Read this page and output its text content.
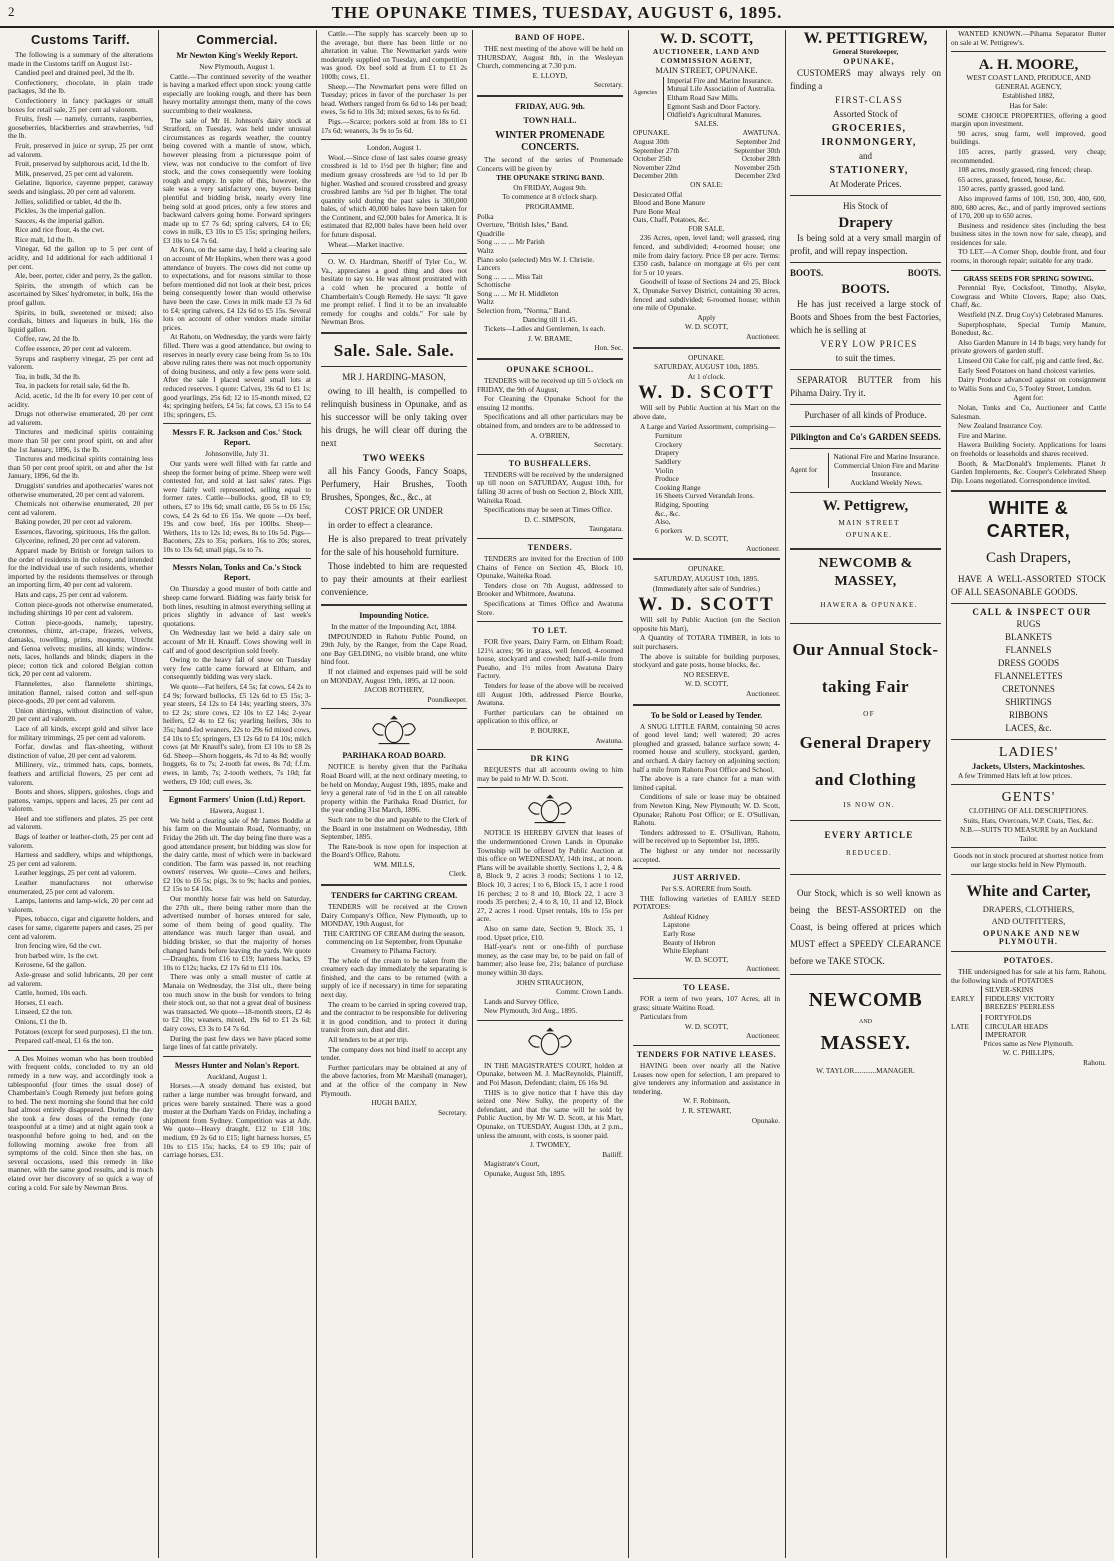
2	THE OPUNAKE TIMES, TUESDAY, AUGUST 6, 1895.
Customs Tariff.

The following is a summary of the alterations made in the Customs tariff on August 1st:-

Candied peel and drained peel, 3d the lb.

Confectionery, chocolate, in plain trade packages, 3d the lb.

Confectionery in fancy packages or small boxes for retail sale, 25 per cent ad valorem.

Fruits, fresh — namely, currants, raspberries, gooseberries, blackberries and strawberries, ½d the lb.

Fruit, preserved in juice or syrup, 25 per cent ad valorem.

Fruit, preserved by sulphurous acid, 1d the lb.

Milk, preserved, 25 per cent ad valorem.

Gelatine, liquorice, cayenne pepper, caraway seeds and isinglass, 20 per cent ad valorem.

Jellies, solidified or tablet, 4d the lb.

Pickles, 3s the imperial gallon.

Sauces, 4s the imperial gallon.

Rice and rice flour, 4s the cwt.

Rice malt, 1d the lb.

Vinegar, 6d the gallon up to 5 per cent of acidity, and 1d additional for each additional 1 per cent.

Ale, beer, porter, cider and perry, 2s the gallon.

Spirits, the strength of which can be ascertained by Sikes' hydrometer, in bulk, 16s the proof gallon.

Spirits, in bulk, sweetened or mixed; also cordials, bitters and liqueurs in bulk, 16s the liquid gallon.

Coffee, raw, 2d the lb.

Coffee essence, 20 per cent ad valorem.

Syrups and raspberry vinegar, 25 per cent ad valorem.

Tea, in bulk, 3d the lb.

Tea, in packets for retail sale, 6d the lb.

Acid, acetic, 1d the lb for every 10 per cent of acidity.

Drugs not otherwise enumerated, 20 per cent ad valorem.

Tinctures and medicinal spirits containing more than 50 per cent proof spirit, on and after the 1st January, 1896, 1s the lb.

Tinctures and medicinal spirits containing less than 50 per cent proof spirit, on and after the 1st January, 1896, 6d the lb.

Druggists' sundries and apothecaries' wares not otherwise enumerated, 20 per cent ad valorem.

Chemicals not otherwise enumerated, 20 per cent ad valorem.

Baking powder, 20 per cent ad valorem.

Essences, flavoring, spirituous, 16s the gallon.

Glycerine, refined, 20 per cent ad valorem.

Apparel made by British or foreign tailors to the order of residents in the colony, and intended for the individual use of such residents, whether imported by the residents themselves or through an importing firm, 40 per cent ad valorem.

Hats and caps, 25 per cent ad valorem.

Cotton piece-goods not otherwise enumerated, including shirtings 10 per cent ad valorem.

Cotton piece-goods, namely, tapestry, cretonnes, chintz, art-crape, friezes, velvets, damasks, towelling, prints, moquette, Utrecht and Genoa velvets; muslins, all kinds; window-nets, laces, hollands and blinds; diapers in the piece; cotton tick and colored Belgian cotton tick, 20 per cent ad valorem.

Flannelettes, also flannelette shirtings, imitation flannel, raised cotton and self-spun piece-goods, 20 per cent ad valorem.

Union shirtings, without distinction of value, 20 per cent ad valorem.

Lace of all kinds, except gold and silver lace for military trimmings, 25 per cent ad valorem.

Forfar, dowlas and flax-sheeting, without distinction of value, 20 per cent ad valorem.

Millinery, viz., trimmed hats, caps, bonnets, feathers and artificial flowers, 25 per cent ad valorem.

Boots and shoes, slippers, goloshes, clogs and pattens, vamps, uppers and laces, 25 per cent ad valorem.

Heel and toe stiffeners and plates, 25 per cent ad valorem.

Bags of leather or leather-cloth, 25 per cent ad valorem.

Harness and saddlery, whips and whipthongs, 25 per cent ad valorem.

Leather leggings, 25 per cent ad valorem.

Leather manufactures not otherwise enumerated, 25 per cent ad valorem.

Lamps, lanterns and lamp-wick, 20 per cent ad valorem.

Pipes, tobacco, cigar and cigarette holders, and cases for same, cigarette papers and cases, 25 per cent ad valorem.

Iron fencing wire, 6d the cwt.

Iron barbed wire, 1s the cwt.

Kerosene, 6d the gallon.

Axle-grease and solid lubricants, 20 per cent ad valorem.

Cattle, horned, 10s each.

Horses, £1 each.

Linseed, £2 the ton.

Onions, £1 the lb.

Potatoes (except for seed purposes), £1 the ton.

Prepared calf-meal, £1 6s the ton.

A Des Moines woman who has been troubled with frequent colds, concluded to try an old remedy in a new way, and accordingly took a tablespoonful (four times the usual dose) of Chamberlain's Cough Remedy just before going to bed. The next morning she found that her cold had almost entirely disappeared. During the day she took a few doses of the remedy (one teaspoonful at a time) and at night again took a teaspoonful before going to bed, and on the following morning awoke free from all symptoms of the cold. Since then she has, on several occasions, used this remedy in like manner, with the same good results, and is much elated over her discovery of so quick a way of curing a cold. For sale by Newman Bros.

Commercial.
Mr Newton King's Weekly Report.

New Plymouth, August 1.

Cattle.—The continued severity of the weather is having a marked effect upon stock: young cattle especially are looking rough, and there has been heavy mortality amongst them, many of the cows succumbing to their weakness.

The sale of Mr H. Johnson's dairy stock at Stratford, on Tuesday, was held under unusual circumstances as regards weather, the country being covered with a mantle of snow, which, however pleasing from a picturesque point of view, was not conducive to the comfort of live stock, and the cows consequently were looking rough and empty. In spite of this, however, the sale was a very satisfactory one, buyers being plentiful and bidding brisk, nearly every line being sold at good prices, only a few stores and backward calvers going home. Forward springers made up to £7 7s 6d; spring calvers, £4 to £6; cows in milk, £3 10s to £5 15s; springing heifers, £3 10s to £4 7s 6d.

At Koru, on the same day, I held a clearing sale on account of Mr Hopkins, when there was a good attendance of buyers. The cows did not come up to expectations, and for reasons similar to those before mentioned did not look at their best, prices being consequently lower than would otherwise have been the case. Cows in milk made £3 7s 6d to £4; spring calvers, £4 12s 6d to £5 15s. Several lots on account of other vendors made similar prices.

At Rahotu, on Wednesday, the yards were fairly filled. There was a good attendance, but owing to reserves in nearly every case being from 5s to 10s above ruling rates there was not much opportunity of doing business, and only a few pens were sold. After the sale I placed several small lots at reduced reserves. I quote: Calves, 19s 6d to £1 1s; good yearlings, 25s 6d; 12 to 15-month mixed, £2 4s; springing heifers, £4 5s; fat cows, £3 15s to £4 10s; springers, £5.

Messrs F. R. Jackson and Cos.' Stock Report.

Johnsonville, July 31.

Our yards were well filled with fat cattle and sheep the former being of prime. Sheep were well contested for, and sold at last sales' rates. Pigs were fairly well represented, selling equal to former rates. Cattle—bullocks, good, £8 to £9; others, £7 to 19s 6d; small cattle, £6 5s to £6 15s; cows, £4 2s 6d to £6 15s. We quote —Ox beef, 19s and cow beef, 16s per 100lbs. Sheep—Wethers, 11s to 12s 1d; ewes, 8s to 10s 5d. Pigs—Baconers, 22s to 35s; porkers, 16s to 20s; stores, 10s to 13s 6d; small pigs, 5s to 7s.

Messrs Nolan, Tonks and Co.'s Stock Report.

On Thursday a good muster of both cattle and sheep came forward. Bidding was fairly brisk for both lines, resulting in almost everything selling at prices slightly in advance of last week's quotations.

On Wednesday last we held a dairy sale on account of Mr H. Knauff. Cows showing well in calf and of good description sold freely.

Owing to the heavy fall of snow on Tuesday very few cattle came forward at Eltham, and consequently bidding was very slack.

We quote—Fat heifers, £4 5s; fat cows, £4 2s to £4 9s; forward bullocks, £5 12s 6d to £5 15s; 3-year steers, £4 12s to £4 14s; yearling steers, 37s to £2 2s; store cows, £2 10s to £2 14s; 2-year heifers, £2 4s to £2 6s; yearling heifers, 30s to 35s; hand-fed weaners, 22s to 29s 6d mixed cows, £4 10s to £5; springers, £3 12s 6d to £4 10s; milch cows (at Mr Knauff's sale), from £3 10s to £8 2s 6d. Sheep—Shorn hoggets, 4s 7d to 4s 8d; woolly hoggets, 6s to 7s; 2-tooth fat ewes, 8s 7d; f.f.m. ewes, in lamb, 7s; 2-tooth wethers, 7s 10d; fat wethers, £9 10d; cull ewes, 3s.

Egmont Farmers' Union (Ltd.) Report.

Hawera, August 1.

We held a clearing sale of Mr James Boddie at his farm on the Mountain Road, Normanby, on Friday the 26th ult. The day being fine there was a good attendance present, but bidding was slow for the dairy cattle, most of which were in backward condition. The farm was passed in, not reaching owners' reserves. We quote—Cows and heifers, £2 10s to £6 5s; pigs, 3s to 9s; hacks and ponies, £2 15s to £4 10s.

Our monthly horse fair was held on Saturday, the 27th ult., there being rather more than the advertised number of horses entered for sale, some of them being of good quality. The attendance was much larger than usual, and bidding brisker, so that the majority of horses changed hands before leaving the yards. We quote—Draughts, from £16 to £19; harness hacks, £9 10s to £12s; hacks, £2 17s 6d to £11 10s.

There was only a small muster of cattle at Manaia on Wednesday, the 31st ult., there being too much snow in the bush for vendors to bring their stock out, so that not a great deal of business was transacted. We quote—18-month steers, £2 4s to £2 10s; weaners, mixed, 19s 6d to £1 2s 6d; dairy cows, £3 3s to £4 7s 6d.

During the past few days we have placed some large lines of fat cattle privately.

Messrs Hunter and Nolan's Report.

Auckland, August 1.

Horses.—A steady demand has existed, but rather a large number was brought forward, and prices were barely sustained. There was a good muster at the Durham Yards on Friday, including a shipment from Sydney. Competition was at Ady. We quote—Heavy draught, £12 to £18 10s; medium, £9 2s 6d to £15; light harness horses, £5 10s to £15 15s; hacks, £4 to £9 10s; pair of carriage horses, £31.

Cattle.—The supply has scarcely been up to the average, but there has been little or no alteration in value. The Newmarket yards were moderately supplied on Tuesday, and competition was good. Ox beef sold at from £1 to £1 2s 100lb; cows, £1.

Sheep.—The Newmarket pens were filled on Tuesday; prices in favor of the purchaser 1s per head. Wethers ranged from 6s 6d to 14s per head; ewes, 5s 6d to 10s 3d; mixed sexes, 6s to 6s 6d.

Pigs.—Scarce; porkers sold at from 18s to £1 17s 6d; weaners, 3s 9s to 5s 6d.

London, August 1.

Wool.—Since close of last sales coarse greasy crossbred is 1d to 1½d per lb higher; fine and medium greasy crossbreds are ½d to 1d per lb higher. Washed and scoured crossbred and greasy crossbred lambs are ½d per lb higher. The total quantity sold during the past sales is 300,000 bales, of which 40,000 bales have been taken for the Continent, and 62,000 bales for America. It is estimated that 82,000 bales have been held over for future disposal.

Wheat.—Market inactive.

O. W. O. Hardman, Sheriff of Tyler Co., W. Va., appreciates a good thing and does not hesitate to say so. He was almost prostrated with a cold when he procured a bottle of Chamberlain's Cough Remedy. He says: "It gave me prompt relief. I find it to be an invaluable remedy for coughs and colds." For sale by Newman Bros.

Sale. Sale. Sale.

MR J. HARDING-MASON,

owing to ill health, is compelled to relinquish business in Opunake, and as his successor will be only taking over his drugs, he will clear off during the next

TWO WEEKS

all his Fancy Goods, Fancy Soaps, Perfumery, Hair Brushes, Tooth Brushes, Sponges, &c., &c., at

COST PRICE OR UNDER

in order to effect a clearance.

He is also prepared to treat privately for the sale of his household furniture.

Those indebted to him are requested to pay their amounts at their earliest convenience.

Impounding Notice.

In the matter of the Impounding Act, 1884.

IMPOUNDED in Rahotu Public Pound, on 29th July, by the Ranger, from the Cape Road, one Bay GELDING, no visible brand, one white hind foot.

If not claimed and expenses paid will be sold on MONDAY, August 19th, 1895, at 12 noon.

JACOB ROTHERY,

Poundkeeper.

PARIHAKA ROAD BOARD.

NOTICE is hereby given that the Parihaka Road Board will, at the next ordinary meeting, to be held on Monday, August 19th, 1895, make and levy a general rate of ½d in the £ on all rateable property within the Parihaka Road District, for the year ending 31st March, 1896.

Such rate to be due and payable to the Clerk of the Board in one instalment on Wednesday, 18th September, 1895.

The Rate-book is now open for inspection at the Board's Office, Rahotu.

WM. MILLS,

Clerk.

TENDERS for CARTING CREAM.

TENDERS will be received at the Crown Dairy Company's Office, New Plymouth, up to MONDAY, 19th August, for

THE CARTING OF CREAM during the season, commencing on 1st September, from Opunake Creamery to Pihama Factory.

The whole of the cream to be taken from the creamery each day immediately the separating is finished, and the cans to be returned (with a supply of ice if necessary) in time for separating next day.

The cream to be carried in spring covered trap, and the contractor to be responsible for delivering it in good condition, and to protect it during transit from sun, dust and dirt.

All tenders to be at per trip.

The company does not bind itself to accept any tender.

Further particulars may be obtained at any of the above factories, from Mr Marshall (manager), and at the office of the company in New Plymouth.

HUGH BAILY,

Secretary.

BAND OF HOPE.

THE next meeting of the above will be held on THURSDAY, August 8th, in the Wesleyan Church, commencing at 7.30 p.m.

E. LLOYD,

Secretary.

FRIDAY, AUG. 9th.
TOWN HALL.
WINTER PROMENADE CONCERTS.

The second of the series of Promenade Concerts will be given by

THE OPUNAKE STRING BAND.

On FRIDAY, August 9th.

To commence at 8 o'clock sharp.

PROGRAMME.

Polka
Overture, "British Isles," Band.
Quadrille
Song ... ... ... Mr Parish
Waltz
Piano solo (selected) Mrs W. J. Christie.
Lancers
Song ... ... ... Miss Tait
Schottische
Song ... ... Mr H. Middleton
Waltz
Selection from, "Norma," Band.

Dancing till 11.45.

Tickets—Ladies and Gentlemen, 1s each.

J. W. BRAME,

Hon. Sec.

OPUNAKE SCHOOL.

TENDERS will be received up till 5 o'clock on FRIDAY, the 9th of August,

For Cleaning the Opunake School for the ensuing 12 months.

Specifications and all other particulars may be obtained from, and tenders are to be addressed to

A. O'BRIEN,

Secretary.

TO BUSHFALLERS.

TENDERS will be received by the undersigned up till noon on SATURDAY, August 10th, for falling 30 acres of bush on Section 2, Block XIII, Waiteika Road.

Specifications may be seen at Times Office.

D. C. SIMPSON,

Taungatara.

TENDERS.

TENDERS are invited for the Erection of 100 Chains of Fence on Section 45, Block 10, Opunake, Waiteika Road.

Tenders close on 7th August, addressed to Brooker and Whitmore, Awatuna.

Specifications at Times Office and Awatuna Store.

TO LET.

FOR five years, Dairy Farm, on Eltham Road; 121½ acres; 96 in grass, well fenced, 4-roomed house, stockyard and cowshed; half-a-mile from Pueaho, and 1½ miles from Awatuna Dairy Factory.

Tenders for lease of the above will be received till August 10th, addressed Pierce Bourke, Awatuna.

Further particulars can be obtained on application to this office, or

P. BOURKE,

Awatuna.

DR KING

REQUESTS that all accounts owing to him may be paid to Mr W. D. Scott.

NOTICE IS HEREBY GIVEN that leases of the undermentioned Crown Lands in Opunake Township will be offered by Public Auction at this office on WEDNESDAY, 14th inst., at noon. Plans will be available shortly. Sections 1, 2, 4 & 8, Block 9, 2 acres 3 roods; Sections 1 to 12, Block 10, 3 acres; 1 to 6, Block 15, 1 acre 1 rood 16 perches; 2 to 8 and 10, Block 22, 1 acre 3 roods 35 perches; 2, 4 to 8, 10, 11 and 12, Block 27, 2 acres 1 rood. Upset rentals, 10s to 15s per acre.

Also on same date, Section 9, Block 35, 1 rood. Upset price, £10.

Half-year's rent or one-fifth of purchase money, as the case may be, to be paid on fall of hammer; also lease fee, 21s; balance of purchase money within 30 days.

JOHN STRAUCHON,

Commr. Crown Lands.

Lands and Survey Office,

New Plymouth, 3rd Aug., 1895.

IN THE MAGISTRATE'S COURT, holden at Opunake, between M. J. MacReynolds, Plaintiff, and Poi Mason, Defendant; claim, £6 16s 9d.

THIS is to give notice that I have this day seized one New Sulky, the property of the defendant, and that the same will be sold by Public Auction, by Mr W. D. Scott, at his Mart, Opunake, on TUESDAY, August 13th, at 2 p.m., unless the amount, with costs, is sooner paid.

J. TWOMEY,

Bailiff.

Magistrate's Court,

Opunake, August 5th, 1895.

W. D. SCOTT,

AUCTIONEER, LAND AND COMMISSION AGENT,

MAIN STREET, OPUNAKE.

Agencies
Imperial Fire and Marine Insurance.
Mutual Life Association of Australia.
Eltham Road Saw Mills.
Egmont Sash and Door Factory.
Oldfield's Agricultural Manures.

SALES.

OPUNAKE.	AWATUNA.
August 30th	September 2nd
September 27th	September 30th
October 25th	October 28th
November 22nd	November 25th
December 20th	December 23rd

ON SALE:

Desiccated Offal
Blood and Bone Manure
Pure Bone Meal
Oats, Chaff, Potatoes, &c.

FOR SALE.

236 Acres, open, level land; well grassed, ring fenced, and subdivided; 4-roomed house; one mile from dairy factory. Price £8 per acre. Terms: £350 cash, balance on mortgage at 6½ per cent for 5 or 10 years.

Goodwill of lease of Sections 24 and 25, Block X, Opunake Survey District, containing 30 acres, fenced and subdivided; 6-roomed house; within one mile of Opunake.

Apply

W. D. SCOTT,

Auctioneer.

OPUNAKE.

SATURDAY, AUGUST 10th, 1895.

At 1 o'clock.

W. D. SCOTT

Will sell by Public Auction at his Mart on the above date,

A Large and Varied Assortment, comprising—

Furniture
Crockery
Drapery
Saddlery
Violin
Produce
Cooking Range
16 Sheets Curved Verandah Irons.
Ridging, Spouting
&c., &c.
Also,
6 porkers

W. D. SCOTT,

Auctioneer.

OPUNAKE.

SATURDAY, AUGUST 10th, 1895.

(Immediately after sale of Sundries.)

W. D. SCOTT

Will sell by Public Auction (on the Section opposite his Mart),

A Quantity of TOTARA TIMBER, in lots to suit purchasers.

The above is suitable for building purposes, stockyard and gate posts, house blocks, &c.

NO RESERVE.

W. D. SCOTT,

Auctioneer.

To be Sold or Leased by Tender.

A SNUG LITTLE FARM, containing 50 acres of good level land; well watered; 20 acres ploughed and grassed, balance surface sown; 4-roomed house and scullery, stockyard, garden, and orchard. A dairy factory on adjoining section; half a mile from Rahotu Post Office and School.

The above is a rare chance for a man with limited capital.

Conditions of sale or lease may be obtained from Newton King, New Plymouth; W. D. Scott, Opunake; Rahotu Post Office; or E. O'Sullivan, Rahotu.

Tenders addressed to E. O'Sullivan, Rahotu, will be received up to September 1st, 1895.

The highest or any tender not necessarily accepted.

JUST ARRIVED.

Per S.S. AORERE from South.

THE following varieties of EARLY SEED POTATOES:

Ashleaf Kidney
Lapstone
Early Rose
Beauty of Hebron
White Elephant

W. D. SCOTT,

Auctioneer.

TO LEASE.

FOR a term of two years, 107 Acres, all in grass; situate Waitino Road.

Particulars from

W. D. SCOTT,

Auctioneer.

TENDERS FOR NATIVE LEASES.

HAVING been over nearly all the Native Leases now open for selection, I am prepared to give tenderers any information and assistance in tendering.

W. F. Robinson,

J. R. STEWART,

Opunake.

W. PETTIGREW,

General Storekeeper,

OPUNAKE,

CUSTOMERS may always rely on finding a

FIRST-CLASS

Assorted Stock of

GROCERIES,

IRONMONGERY,

and

STATIONERY,

At Moderate Prices.

His Stock of

Drapery

Is being sold at a very small margin of profit, and will repay inspection.

BOOTS.	BOOTS.
BOOTS.

He has just received a large stock of Boots and Shoes from the best Factories, which he is selling at

VERY LOW PRICES

to suit the times.

SEPARATOR BUTTER from his Pihama Dairy. Try it.

Purchaser of all kinds of Produce.

Pilkington and Co's GARDEN SEEDS.

Agent for
National Fire and Marine Insurance.
Commercial Union Fire and Marine Insurance.
Auckland Weekly News.
W. Pettigrew,

MAIN STREET

OPUNAKE.

NEWCOMB & MASSEY,

HAWERA & OPUNAKE.

Our Annual Stock-
taking Fair

OF

General Drapery
and Clothing

IS NOW ON.

EVERY ARTICLE

REDUCED.

Our Stock, which is so well known as being the BEST-ASSORTED on the Coast, is being offered at prices which MUST effect a SPEEDY CLEARANCE before we TAKE STOCK.

NEWCOMB

AND

MASSEY.

W. TAYLOR............MANAGER.

WANTED KNOWN.—Pihama Separator Butter on sale at W. Pettigrew's.

A. H. MOORE,

WEST COAST LAND, PRODUCE, AND GENERAL AGENCY,

Established 1882,

Has for Sale:

SOME CHOICE PROPERTIES, offering a good margin upon investment.

90 acres, snug farm, well improved, good buildings.

105 acres, partly grassed, very cheap; recommended.

108 acres, mostly grassed, ring fenced; cheap.

65 acres, grassed, fenced, house, &c.

150 acres, partly grassed, good land.

Also improved farms of 100, 150, 300, 400, 600, 800, 680 acres, &c., and of partly improved sections of 170, 200 up to 650 acres.

Business and residence sites (including the best business sites in the town now for sale, cheap), and residences for sale.

TO LET.—A Corner Shop, double front, and four rooms, in thorough repair; suitable for any trade.

GRASS SEEDS FOR SPRING SOWING.

Perennial Rye, Cocksfoot, Timothy, Alsyke, Cowgrass and White Clovers, Rape; also Oats, Chaff, &c.

Westfield (N.Z. Drug Coy's) Celebrated Manures.

Superphosphate, Special Turnip Manure, Bonedust, &c.

Also Garden Manure in 14 lb bags; very handy for private growers of garden stuff.

Linseed Oil Cake for calf, pig and cattle feed, &c.

Early Seed Potatoes on hand choicest varieties.

Dairy Produce advanced against on consignment to Wallis Sons and Co, 5 Tooley Street, London.

Agent for:

Nolan, Tonks and Co, Auctioneer and Cattle Salesman.

New Zealand Insurance Coy.

Fire and Marine.

Hawera Building Society. Applications for loans on freeholds or leaseholds and shares received.

Booth, & MacDonald's Implements. Planet Jr Garden Implements, &c. Cooper's Celebrated Sheep Dip. Loans negotiated. Correspondence invited.

WHITE & CARTER,
Cash Drapers,

HAVE A WELL-ASSORTED STOCK OF ALL SEASONABLE GOODS.

CALL & INSPECT OUR

RUGS
BLANKETS
FLANNELS
DRESS GOODS
FLANNELETTES
CRETONNES
SHIRTINGS
RIBBONS
LACES, &c.
LADIES'

Jackets, Ulsters, Mackintoshes.

A few Trimmed Hats left at low prices.

GENTS'

CLOTHING OF ALL DESCRIPTIONS.

Suits, Hats, Overcoats, W.P. Coats, Ties, &c.

N.B.—SUITS TO MEASURE by an Auckland Tailor.

Goods not in stock procured at shortest notice from our large stocks held in New Plymouth.

White and Carter,

DRAPERS, CLOTHIERS,

AND OUTFITTERS,

OPUNAKE AND NEW PLYMOUTH.

POTATOES.

THE undersigned has for sale at his farm, Rahotu, the following kinds of POTATOES

EARLY
SILVER-SKINS
FIDDLERS' VICTORY
BREEZES' PEERLESS
LATE
FORTYFOLDS
CIRCULAR HEADS
IMPERATOR

Prices same as New Plymouth.

W. C. PHILLIPS,

Rahotu.
